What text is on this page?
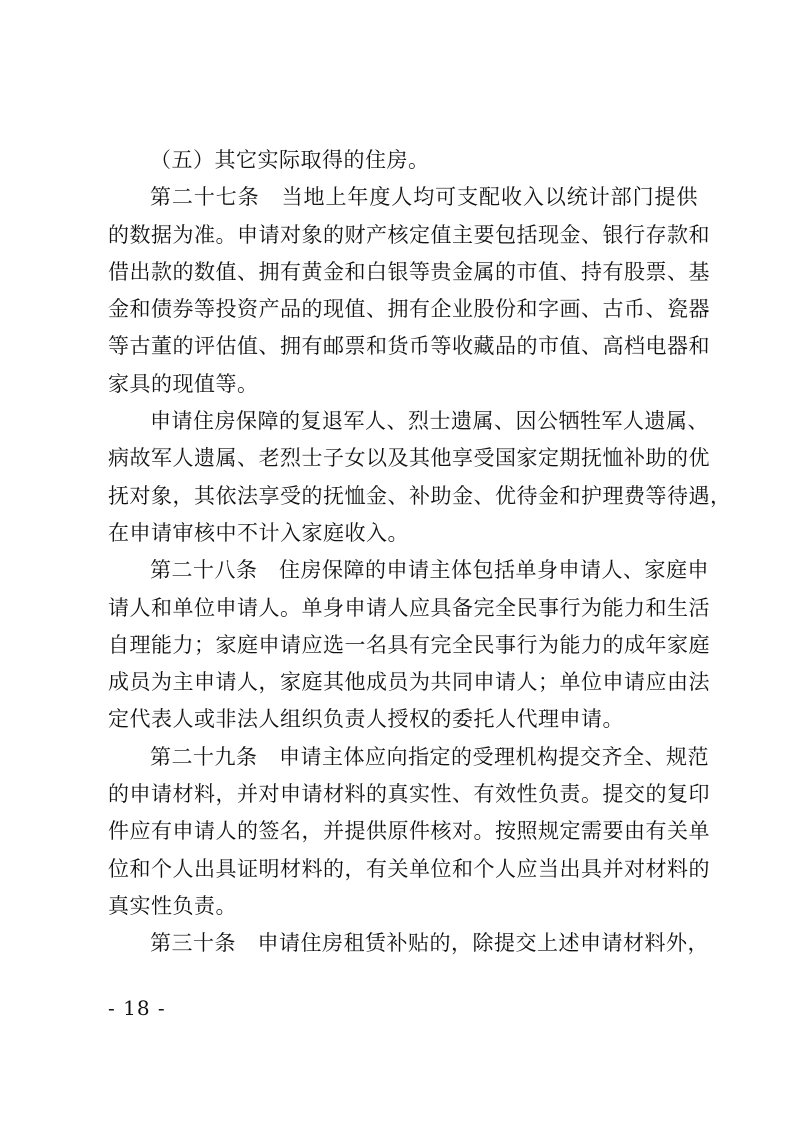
（五）其它实际取得的住房。
第二十七条　当地上年度人均可支配收入以统计部门提供
的数据为准。申请对象的财产核定值主要包括现金、银行存款和
借出款的数值、拥有黄金和白银等贵金属的市值、持有股票、基
金和债券等投资产品的现值、拥有企业股份和字画、古币、瓷器
等古董的评估值、拥有邮票和货币等收藏品的市值、高档电器和
家具的现值等。
申请住房保障的复退军人、烈士遗属、因公牺牲军人遗属、
病故军人遗属、老烈士子女以及其他享受国家定期抚恤补助的优
抚对象，其依法享受的抚恤金、补助金、优待金和护理费等待遇，
在申请审核中不计入家庭收入。
第二十八条　住房保障的申请主体包括单身申请人、家庭申
请人和单位申请人。单身申请人应具备完全民事行为能力和生活
自理能力；家庭申请应选一名具有完全民事行为能力的成年家庭
成员为主申请人，家庭其他成员为共同申请人；单位申请应由法
定代表人或非法人组织负责人授权的委托人代理申请。
第二十九条　申请主体应向指定的受理机构提交齐全、规范
的申请材料，并对申请材料的真实性、有效性负责。提交的复印
件应有申请人的签名，并提供原件核对。按照规定需要由有关单
位和个人出具证明材料的，有关单位和个人应当出具并对材料的
真实性负责。
第三十条　申请住房租赁补贴的，除提交上述申请材料外，
- 18 -
